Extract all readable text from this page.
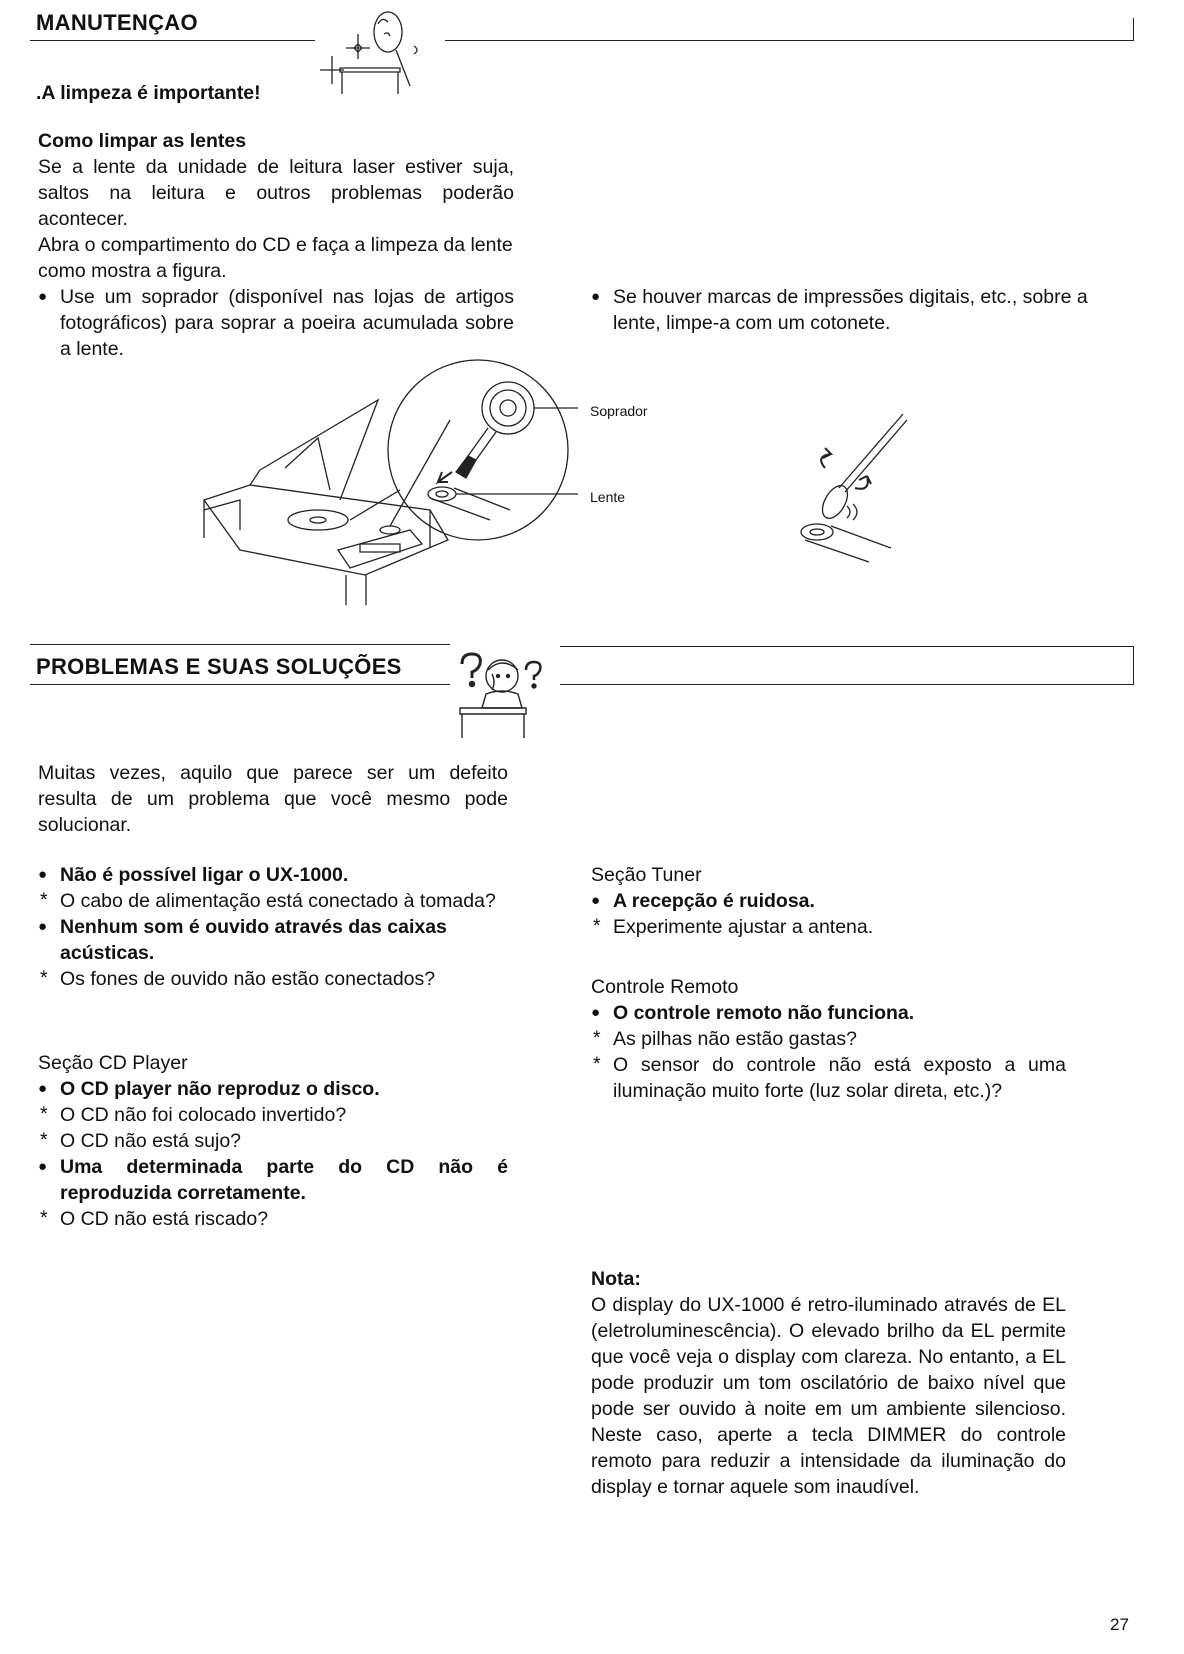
MANUTENÇAO
.A limpeza é importante!

Como limpar as lentes

Se a lente da unidade de leitura laser estiver suja, saltos na leitura e outros problemas poderão acontecer.

Abra o compartimento do CD e faça a limpeza da lente como mostra a figura.

● Use um soprador (disponível nas lojas de artigos fotográficos) para soprar a poeira acumulada sobre a lente.

● Se houver marcas de impressões digitais, etc., sobre a lente, limpe-a com um cotonete.

Soprador
Lente
PROBLEMAS E SUAS SOLUÇÕES

Muitas vezes, aquilo que parece ser um defeito resulta de um problema que você mesmo pode solucionar.

● Não é possível ligar o UX-1000.

* O cabo de alimentação está conectado à tomada?

● Nenhum som é ouvido através das caixas acústicas.

* Os fones de ouvido não estão conectados?

Seção CD Player

● O CD player não reproduz o disco.

* O CD não foi colocado invertido?

* O CD não está sujo?

● Uma determinada parte do CD não é reproduzida corretamente.

* O CD não está riscado?

Seção Tuner

● A recepção é ruidosa.

* Experimente ajustar a antena.

Controle Remoto

● O controle remoto não funciona.

* As pilhas não estão gastas?

* O sensor do controle não está exposto a uma iluminação muito forte (luz solar direta, etc.)?

Nota:

O display do UX-1000 é retro-iluminado através de EL (eletroluminescência). O elevado brilho da EL permite que você veja o display com clareza. No entanto, a EL pode produzir um tom oscilatório de baixo nível que pode ser ouvido à noite em um ambiente silencioso. Neste caso, aperte a tecla DIMMER do controle remoto para reduzir a intensidade da iluminação do display e tornar aquele som inaudível.

27
